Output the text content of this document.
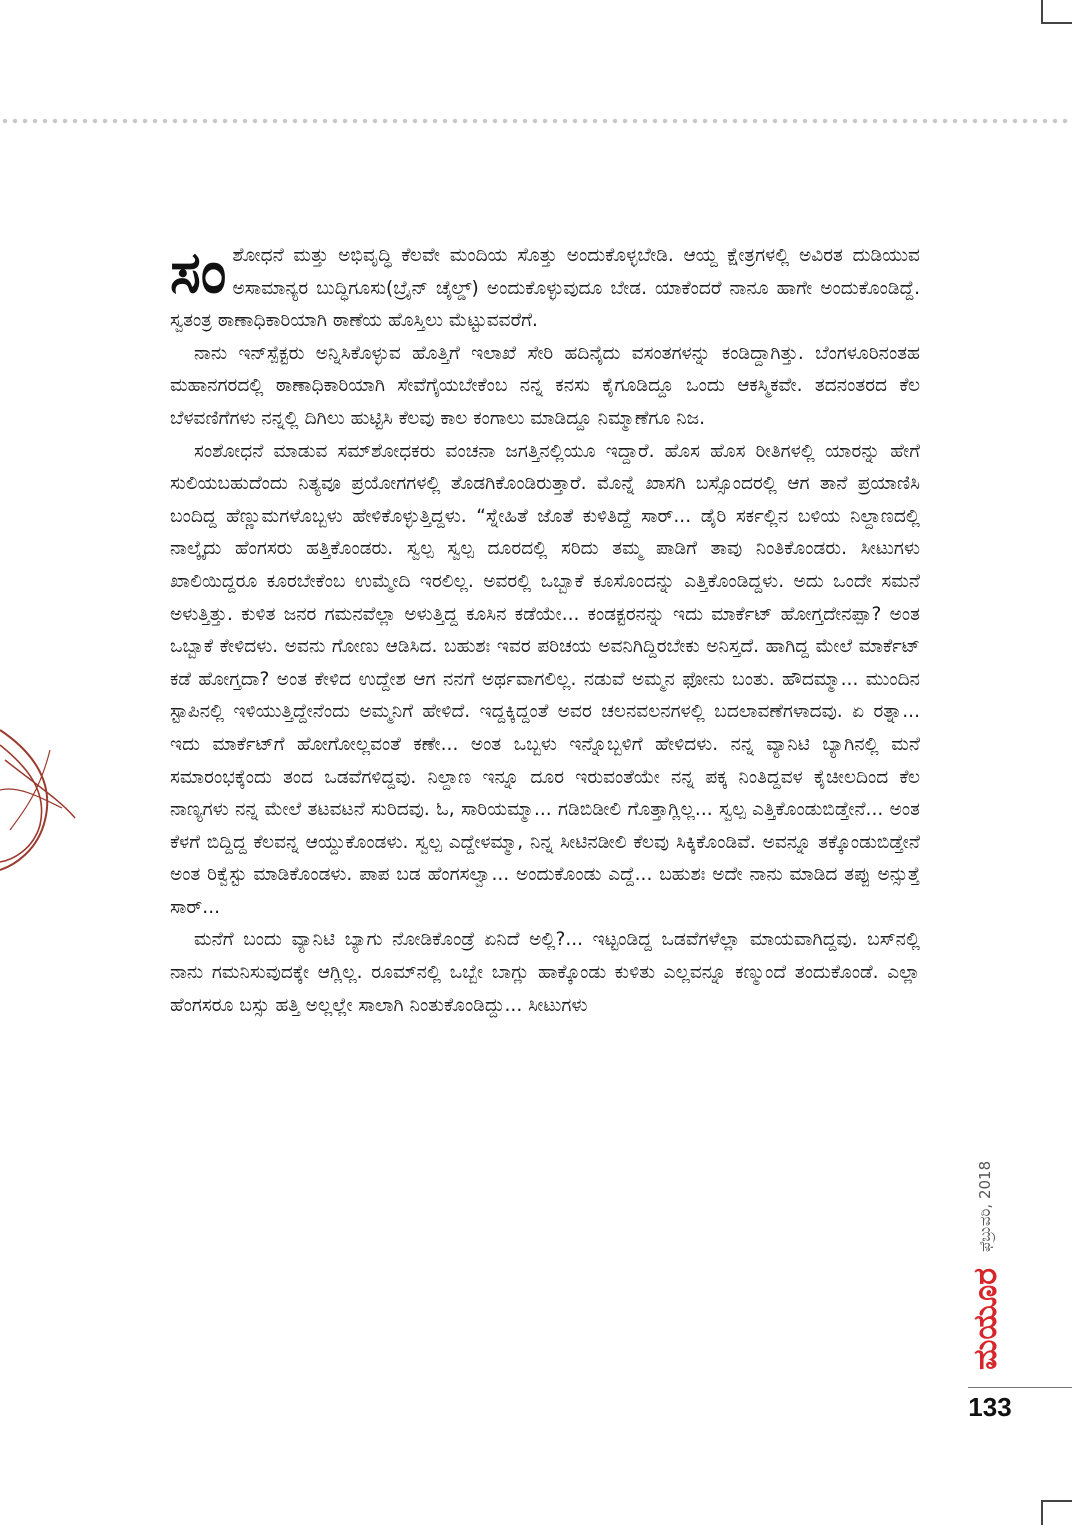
ಸಂಶೋಧನೆ ಮತ್ತು ಅಭಿವೃದ್ಧಿ ಕೆಲವೇ ಮಂದಿಯ ಸೊತ್ತು ಅಂದುಕೊಳ್ಳಬೇಡಿ. ಆಯ್ದ ಕ್ಷೇತ್ರಗಳಲ್ಲಿ ಅವಿರತ ದುಡಿಯುವ ಅಸಾಮಾನ್ಯರ ಬುದ್ಧಿಗೂಸು(ಬ್ರೈನ್ ಚೈಲ್ಡ್) ಅಂದುಕೊಳ್ಳುವುದೂ ಬೇಡ. ಯಾಕೆಂದರೆ ನಾನೂ ಹಾಗೇ ಅಂದುಕೊಂಡಿದ್ದೆ. ಸ್ವತಂತ್ರ ಠಾಣಾಧಿಕಾರಿಯಾಗಿ ಠಾಣೆಯ ಹೊಸ್ತಿಲು ಮೆಟ್ಟುವವರೆಗೆ.

ನಾನು ಇನ್‌ಸ್ಪೆಕ್ಟರು ಅನ್ನಿಸಿಕೊಳ್ಳುವ ಹೊತ್ತಿಗೆ ಇಲಾಖೆ ಸೇರಿ ಹದಿನೈದು ವಸಂತಗಳನ್ನು ಕಂಡಿದ್ದಾಗಿತ್ತು. ಬೆಂಗಳೂರಿನಂತಹ ಮಹಾನಗರದಲ್ಲಿ ಠಾಣಾಧಿಕಾರಿಯಾಗಿ ಸೇವೆಗೈಯಬೇಕೆಂಬ ನನ್ನ ಕನಸು ಕೈಗೂಡಿದ್ದೂ ಒಂದು ಆಕಸ್ಮಿಕವೇ. ತದನಂತರದ ಕೆಲ ಬೆಳವಣಿಗೆಗಳು ನನ್ನಲ್ಲಿ ದಿಗಿಲು ಹುಟ್ಟಿಸಿ ಕೆಲವು ಕಾಲ ಕಂಗಾಲು ಮಾಡಿದ್ದೂ ನಿಮ್ಮಾಣೆಗೂ ನಿಜ.

ಸಂಶೋಧನೆ ಮಾಡುವ ಸಮ್‌ಶೋಧಕರು ವಂಚನಾ ಜಗತ್ತಿನಲ್ಲಿಯೂ ಇದ್ದಾರೆ. ಹೊಸ ಹೊಸ ರೀತಿಗಳಲ್ಲಿ ಯಾರನ್ನು ಹೇಗೆ ಸುಲಿಯಬಹುದೆಂದು ನಿತ್ಯವೂ ಪ್ರಯೋಗಗಳಲ್ಲಿ ತೊಡಗಿಕೊಂಡಿರುತ್ತಾರೆ. ಮೊನ್ನೆ ಖಾಸಗಿ ಬಸ್ಸೊಂದರಲ್ಲಿ ಆಗ ತಾನೆ ಪ್ರಯಾಣಿಸಿ ಬಂದಿದ್ದ ಹೆಣ್ಣುಮಗಳೊಬ್ಬಳು ಹೇಳಿಕೊಳ್ಳುತ್ತಿದ್ದಳು. “ಸ್ನೇಹಿತೆ ಜೊತೆ ಕುಳಿತಿದ್ದೆ ಸಾರ್... ಡೈರಿ ಸರ್ಕಲ್ಲಿನ ಬಳಿಯ ನಿಲ್ದಾಣದಲ್ಲಿ ನಾಲ್ಕೈದು ಹೆಂಗಸರು ಹತ್ತಿಕೊಂಡರು. ಸ್ವಲ್ಪ ಸ್ವಲ್ಪ ದೂರದಲ್ಲಿ ಸರಿದು ತಮ್ಮ ಪಾಡಿಗೆ ತಾವು ನಿಂತಿಕೊಂಡರು. ಸೀಟುಗಳು ಖಾಲಿಯಿದ್ದರೂ ಕೂರಬೇಕೆಂಬ ಉಮ್ಮೇದಿ ಇರಲಿಲ್ಲ. ಅವರಲ್ಲಿ ಒಬ್ಬಾಕೆ ಕೂಸೊಂದನ್ನು ಎತ್ತಿಕೊಂಡಿದ್ದಳು. ಅದು ಒಂದೇ ಸಮನೆ ಅಳುತ್ತಿತ್ತು. ಕುಳಿತ ಜನರ ಗಮನವೆಲ್ಲಾ ಅಳುತ್ತಿದ್ದ ಕೂಸಿನ ಕಡೆಯೇ... ಕಂಡಕ್ಟರನನ್ನು ಇದು ಮಾರ್ಕೆಟ್ ಹೋಗ್ತದೇನಪ್ಪಾ? ಅಂತ ಒಬ್ಬಾಕೆ ಕೇಳಿದಳು. ಅವನು ಗೋಣು ಆಡಿಸಿದ. ಬಹುಶಃ ಇವರ ಪರಿಚಯ ಅವನಿಗಿದ್ದಿರಬೇಕು ಅನಿಸ್ತದೆ. ಹಾಗಿದ್ದ ಮೇಲೆ ಮಾರ್ಕೆಟ್ ಕಡೆ ಹೋಗ್ತದಾ? ಅಂತ ಕೇಳಿದ ಉದ್ದೇಶ ಆಗ ನನಗೆ ಅರ್ಥವಾಗಲಿಲ್ಲ. ನಡುವೆ ಅಮ್ಮನ ಫೋನು ಬಂತು. ಹೌದಮ್ಮಾ... ಮುಂದಿನ ಸ್ಟಾಪಿನಲ್ಲಿ ಇಳಿಯುತ್ತಿದ್ದೇನೆಂದು ಅಮ್ಮನಿಗೆ ಹೇಳಿದೆ. ಇದ್ದಕ್ಕಿದ್ದಂತೆ ಅವರ ಚಲನವಲನಗಳಲ್ಲಿ ಬದಲಾವಣೆಗಳಾದವು. ಏ ರತ್ನಾ... ಇದು ಮಾರ್ಕೆಟ್‌ಗೆ ಹೋಗೋಲ್ಲವಂತೆ ಕಣೇ... ಅಂತ ಒಬ್ಬಳು ಇನ್ನೊಬ್ಬಳಿಗೆ ಹೇಳಿದಳು. ನನ್ನ ವ್ಯಾನಿಟಿ ಬ್ಯಾಗಿನಲ್ಲಿ ಮನೆ ಸಮಾರಂಭಕ್ಕೆಂದು ತಂದ ಒಡವೆಗಳಿದ್ದವು. ನಿಲ್ದಾಣ ಇನ್ನೂ ದೂರ ಇರುವಂತೆಯೇ ನನ್ನ ಪಕ್ಕ ನಿಂತಿದ್ದವಳ ಕೈಚೀಲದಿಂದ ಕೆಲ ನಾಣ್ಯಗಳು ನನ್ನ ಮೇಲೆ ತಟವಟನೆ ಸುರಿದವು. ಓ, ಸಾರಿಯಮ್ಮಾ... ಗಡಿಬಿಡೀಲಿ ಗೊತ್ತಾಗ್ಲಿಲ್ಲ... ಸ್ವಲ್ಪ ಎತ್ತಿಕೊಂಡುಬಿಡ್ತೇನೆ... ಅಂತ ಕೆಳಗೆ ಬಿದ್ದಿದ್ದ ಕೆಲವನ್ನ ಆಯ್ದುಕೊಂಡಳು. ಸ್ವಲ್ಪ ಎದ್ದೇಳಮ್ಮಾ, ನಿನ್ನ ಸೀಟಿನಡೀಲಿ ಕೆಲವು ಸಿಕ್ಕಿಕೊಂಡಿವೆ. ಅವನ್ನೂ ತಕ್ಕೊಂಡುಬಿಡ್ತೇನೆ ಅಂತ ರಿಕ್ವೆಸ್ಟು ಮಾಡಿಕೊಂಡಳು. ಪಾಪ ಬಡ ಹೆಂಗಸಲ್ವಾ... ಅಂದುಕೊಂಡು ಎದ್ದೆ... ಬಹುಶಃ ಅದೇ ನಾನು ಮಾಡಿದ ತಪ್ಪು ಅನ್ಸುತ್ತೆ ಸಾರ್...

ಮನೆಗೆ ಬಂದು ವ್ಯಾನಿಟಿ ಬ್ಯಾಗು ನೋಡಿಕೊಂಡ್ರೆ ಏನಿದೆ ಅಲ್ಲಿ?... ಇಟ್ಟಂಡಿದ್ದ ಒಡವೆಗಳೆಲ್ಲಾ ಮಾಯವಾಗಿದ್ದವು. ಬಸ್‌ನಲ್ಲಿ ನಾನು ಗಮನಿಸುವುದಕ್ಕೇ ಆಗ್ಲಿಲ್ಲ. ರೂಮ್‌ನಲ್ಲಿ ಒಬ್ಬೇ ಬಾಗ್ಲು ಹಾಕ್ಕೊಂಡು ಕುಳಿತು ಎಲ್ಲವನ್ನೂ ಕಣ್ಮುಂದೆ ತಂದುಕೊಂಡೆ. ಎಲ್ಲಾ ಹೆಂಗಸರೂ ಬಸ್ಸು ಹತ್ತಿ ಅಲ್ಲಲ್ಲೇ ಸಾಲಾಗಿ ನಿಂತುಕೊಂಡಿದ್ದು... ಸೀಟುಗಳು

ಮಯೂರ
ಫೆಬ್ರುವರಿ, 2018
133
